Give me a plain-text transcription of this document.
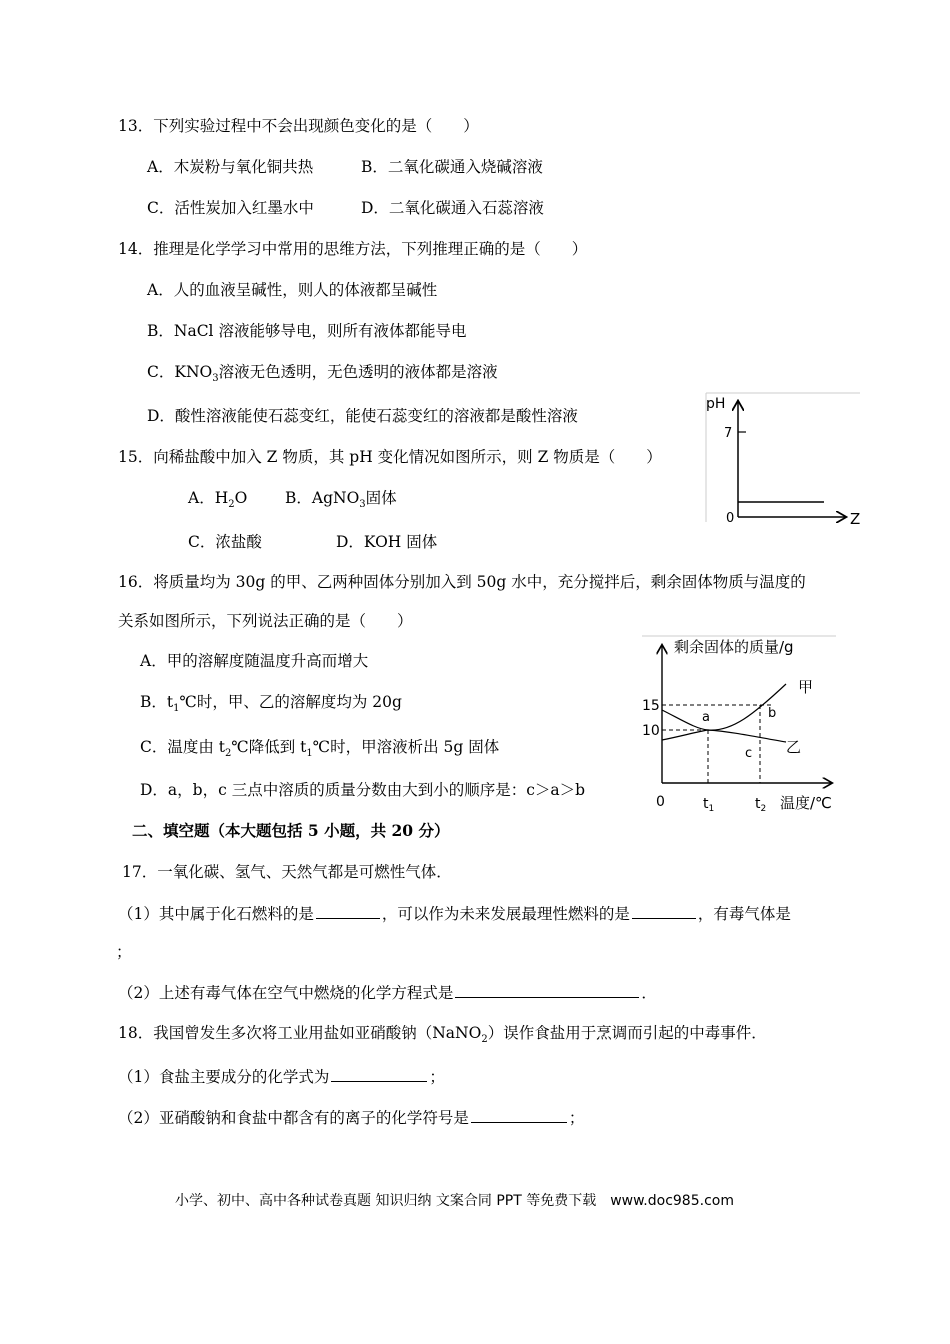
13．下列实验过程中不会出现颜色变化的是（　　）
A．木炭粉与氧化铜共热	B．二氧化碳通入烧碱溶液
C．活性炭加入红墨水中	D．二氧化碳通入石蕊溶液
14．推理是化学学习中常用的思维方法，下列推理正确的是（　　）
A．人的血液呈碱性，则人的体液都呈碱性
B．NaCl 溶液能够导电，则所有液体都能导电
C．$KNO_3$溶液无色透明，无色透明的液体都是溶液
D．酸性溶液能使石蕊变红，能使石蕊变红的溶液都是酸性溶液
15．向稀盐酸中加入 Z 物质，其 pH 变化情况如图所示，则 Z 物质是（　　）
A．$H_2O$ B．AgNO$_3$固体
C．浓盐酸	D．KOH 固体
pH
7
0	Z
16．将质量均为 30g 的甲、乙两种固体分别加入到 50g 水中，充分搅拌后，剩余固体物质与温度的
关系如图所示，下列说法正确的是（　　）
A．甲的溶解度随温度升高而增大
B．$t_1℃$时，甲、乙的溶解度均为 20g
C．温度由 $t_2℃$降低到 $t_1℃$时，甲溶液析出 5g 固体
D．a，b，c 三点中溶质的质量分数由大到小的顺序是：c＞a＞b
剩余固体的质量/g
15
10
0	$t_1$	$t_2$ 温度/℃
甲
乙
a	b
c
二、填空题（本大题包括 5 小题，共 20 分）
17．一氧化碳、氢气、天然气都是可燃性气体．
（1）其中属于化石燃料的是	，可以作为未来发展最理性燃料的是	，有毒气体是
；
（2）上述有毒气体在空气中燃烧的化学方程式是	．
18．我国曾发生多次将工业用盐如亚硝酸钠（NaNO$_2$）误作食盐用于烹调而引起的中毒事件．
（1）食盐主要成分的化学式为	；
（2）亚硝酸钠和食盐中都含有的离子的化学符号是	；
小学、初中、高中各种试卷真题 知识归纳 文案合同 PPT 等免费下载　www.doc985.com
